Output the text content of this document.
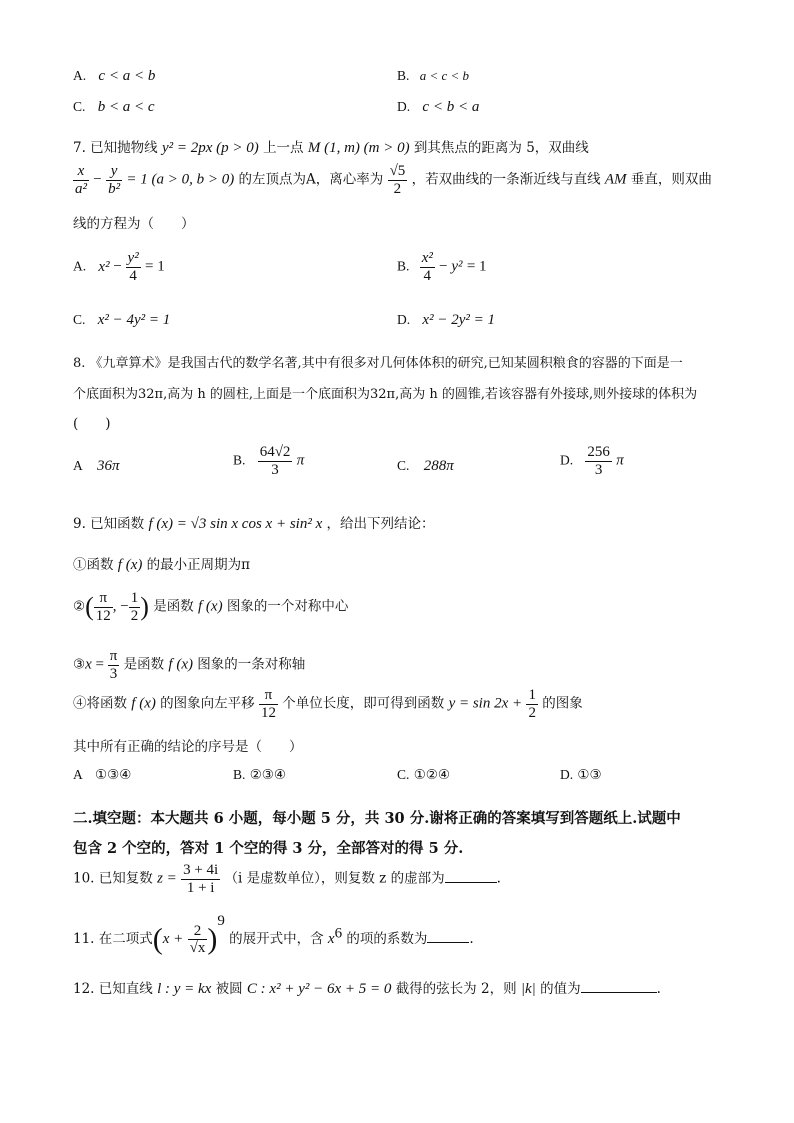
A. c < a < b	B. a < c < b
C. b < a < c	D. c < b < a
7. 已知抛物线 y² = 2px (p > 0) 上一点 M (1, m) (m > 0) 到其焦点的距离为 5，双曲线
$\frac{x}{\text{a²}} - \frac{y}{\text{b²}} = 1$ (a > 0, b > 0) 的左顶点为A，离心率为 $\frac{√5}{2}$ ，若双曲线的一条渐近线与直线 AM 垂直，则双曲
线的方程为（　　）
A. $x^2 - \frac{\text{y²}}{4} = 1$	B. $\frac{\text{x²}}{4} - y^2 = 1$
C. x² − 4y² = 1	D. x² − 2y² = 1
8. 《九章算术》是我国古代的数学名著,其中有很多对几何体体积的研究,已知某圆积粮食的容器的下面是一
个底面积为32π,高为 h 的圆柱,上面是一个底面积为32π,高为 h 的圆锥,若该容器有外接球,则外接球的体积为
(　　)
A 36π	B. $\frac{64√2}{3}$ π	C. 288π	D. $\frac{256}{3}$ π
9. 已知函数 f (x) = √3 sin x cos x + sin² x ，给出下列结论：
①函数 f (x) 的最小正周期为π
②( $\frac{\pi}{12}$ , − $\frac{1}{2}$ ) 是函数 f (x) 图象的一个对称中心
③x = $\frac{\pi}{3}$ 是函数 f (x) 图象的一条对称轴
④将函数 f (x) 的图象向左平移 $\frac{\pi}{12}$ 个单位长度，即可得到函数 $y = \sin 2x + \frac{1}{2}$ 的图象
其中所有正确的结论的序号是（　　）
A ①③④	B. ②③④	C. ①②④	D. ①③
二.填空题：本大题共 6 小题，每小题 5 分，共 30 分.谢将正确的答案填写到答题纸上.试题中
包含 2 个空的，答对 1 个空的得 3 分，全部答对的得 5 分.
10. 已知复数 $z = \frac{3 + 4i}{1 + i} (i$ 是虚数单位），则复数 z 的虚部为	.
11. 在二项式$(x + \frac{2}{√x} )^9$ 的展开式中，含 $x^6$ 的项的系数为	.
12. 已知直线 l : y = kx 被圆 C : x² + y² − 6x + 5 = 0 截得的弦长为 2，则 |k| 的值为	.
